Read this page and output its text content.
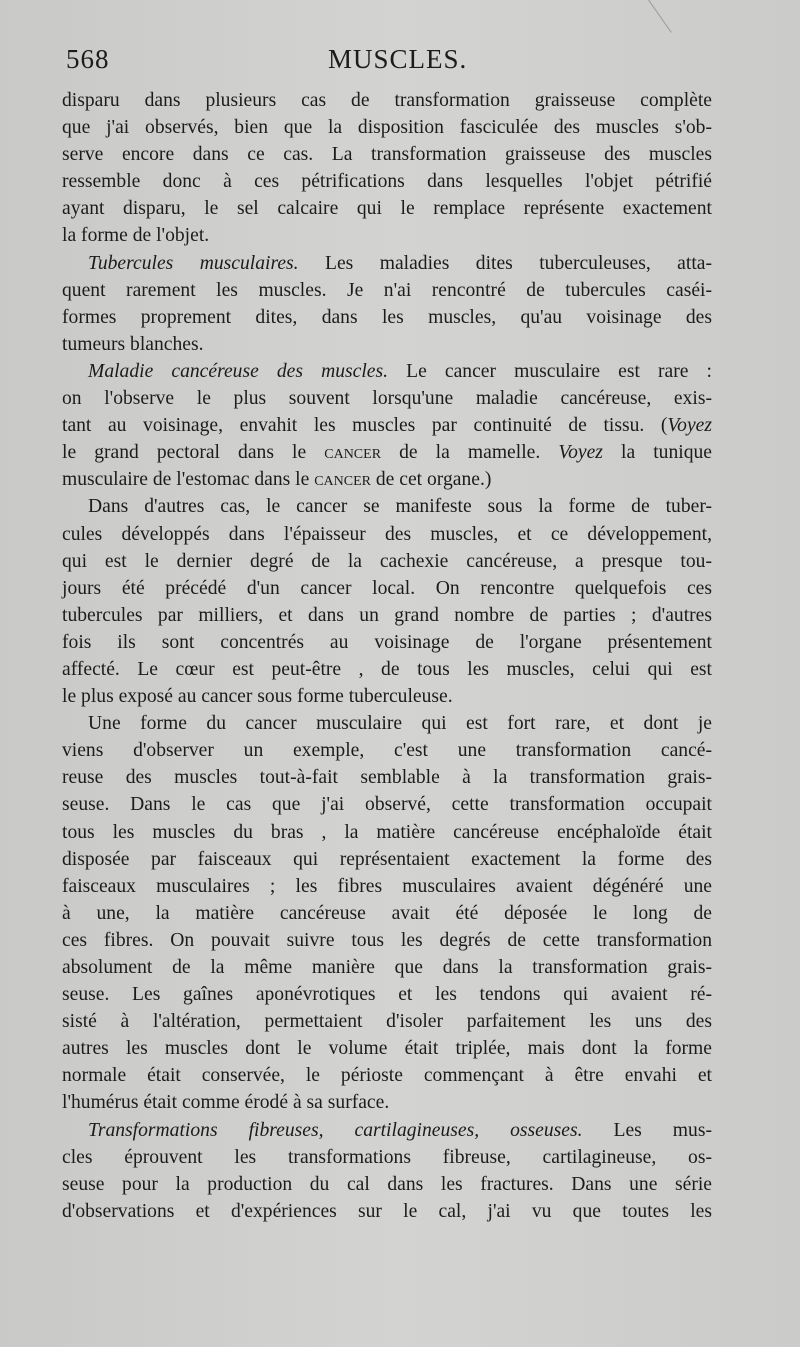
568	MUSCLES.
disparu dans plusieurs cas de transformation graisseuse complète
que j'ai observés, bien que la disposition fasciculée des muscles s'ob-
serve encore dans ce cas. La transformation graisseuse des muscles
ressemble donc à ces pétrifications dans lesquelles l'objet pétrifié
ayant disparu, le sel calcaire qui le remplace représente exactement
la forme de l'objet.
Tubercules musculaires. Les maladies dites tuberculeuses, atta-
quent rarement les muscles. Je n'ai rencontré de tubercules caséi-
formes proprement dites, dans les muscles, qu'au voisinage des
tumeurs blanches.
Maladie cancéreuse des muscles. Le cancer musculaire est rare :
on l'observe le plus souvent lorsqu'une maladie cancéreuse, exis-
tant au voisinage, envahit les muscles par continuité de tissu. (Voyez
le grand pectoral dans le cancer de la mamelle. Voyez la tunique
musculaire de l'estomac dans le cancer de cet organe.)
Dans d'autres cas, le cancer se manifeste sous la forme de tuber-
cules développés dans l'épaisseur des muscles, et ce développement,
qui est le dernier degré de la cachexie cancéreuse, a presque tou-
jours été précédé d'un cancer local. On rencontre quelquefois ces
tubercules par milliers, et dans un grand nombre de parties ; d'autres
fois ils sont concentrés au voisinage de l'organe présentement
affecté. Le cœur est peut-être , de tous les muscles, celui qui est
le plus exposé au cancer sous forme tuberculeuse.
Une forme du cancer musculaire qui est fort rare, et dont je
viens d'observer un exemple, c'est une transformation cancé-
reuse des muscles tout-à-fait semblable à la transformation grais-
seuse. Dans le cas que j'ai observé, cette transformation occupait
tous les muscles du bras , la matière cancéreuse encéphaloïde était
disposée par faisceaux qui représentaient exactement la forme des
faisceaux musculaires ; les fibres musculaires avaient dégénéré une
à une, la matière cancéreuse avait été déposée le long de
ces fibres. On pouvait suivre tous les degrés de cette transformation
absolument de la même manière que dans la transformation grais-
seuse. Les gaînes aponévrotiques et les tendons qui avaient ré-
sisté à l'altération, permettaient d'isoler parfaitement les uns des
autres les muscles dont le volume était triplée, mais dont la forme
normale était conservée, le périoste commençant à être envahi et
l'humérus était comme érodé à sa surface.
Transformations fibreuses, cartilagineuses, osseuses. Les mus-
cles éprouvent les transformations fibreuse, cartilagineuse, os-
seuse pour la production du cal dans les fractures. Dans une série
d'observations et d'expériences sur le cal, j'ai vu que toutes les
